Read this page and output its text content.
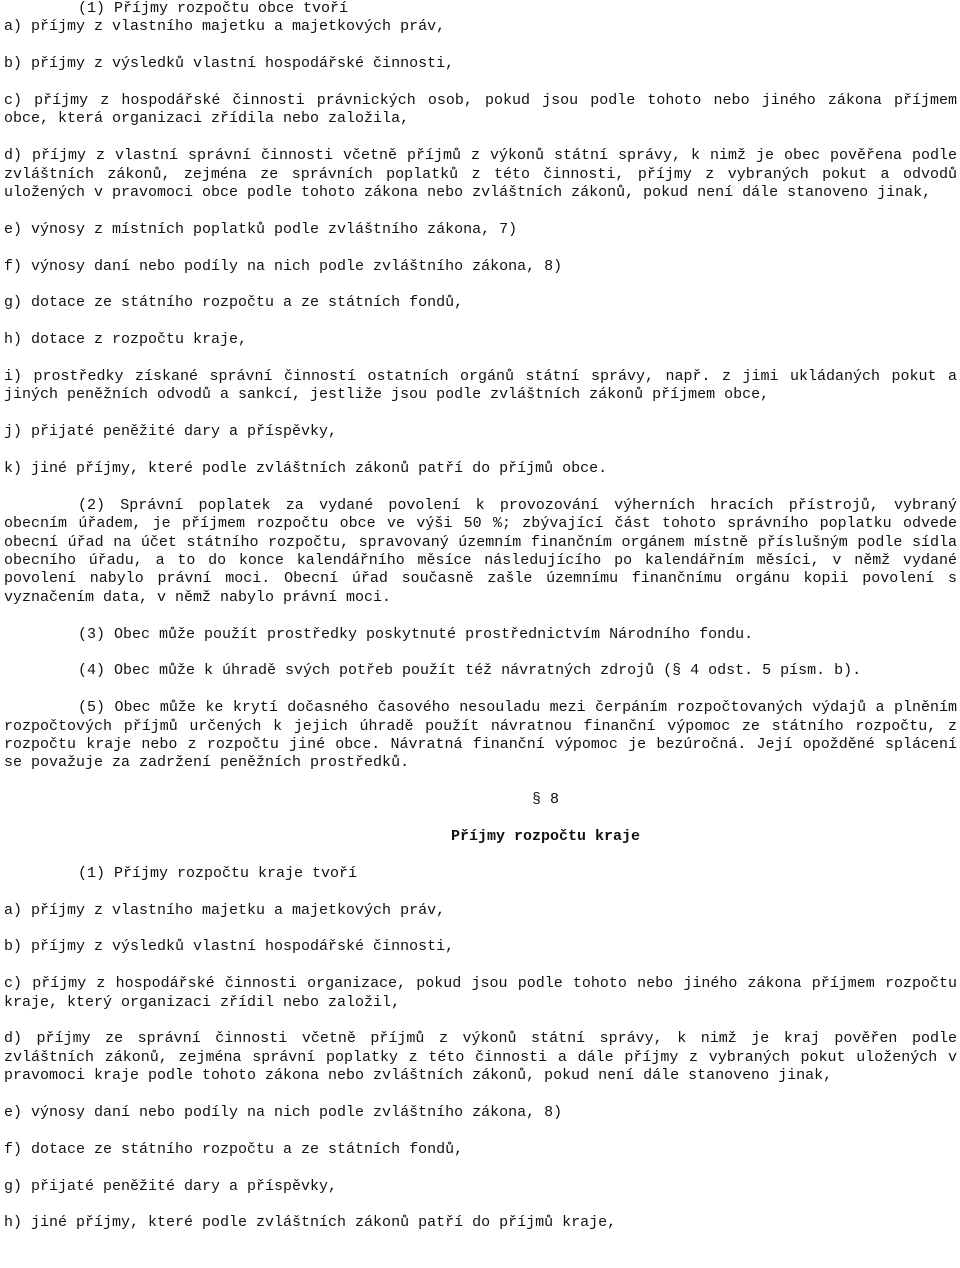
(1) Příjmy rozpočtu obce tvoří

a) příjmy z vlastního majetku a majetkových práv,

b) příjmy z výsledků vlastní hospodářské činnosti,

c) příjmy z hospodářské činnosti právnických osob, pokud jsou podle tohoto nebo jiného zákona příjmem obce, která organizaci zřídila nebo založila,

d) příjmy z vlastní správní činnosti včetně příjmů z výkonů státní správy, k nimž je obec pověřena podle zvláštních zákonů, zejména ze správních poplatků z této činnosti, příjmy z vybraných pokut a odvodů uložených v pravomoci obce podle tohoto zákona nebo zvláštních zákonů, pokud není dále stanoveno jinak,

e) výnosy z místních poplatků podle zvláštního zákona, 7)

f) výnosy daní nebo podíly na nich podle zvláštního zákona, 8)

g) dotace ze státního rozpočtu a ze státních fondů,

h) dotace z rozpočtu kraje,

i) prostředky získané správní činností ostatních orgánů státní správy, např. z jimi ukládaných pokut a jiných peněžních odvodů a sankcí, jestliže jsou podle zvláštních zákonů příjmem obce,

j) přijaté peněžité dary a příspěvky,

k) jiné příjmy, které podle zvláštních zákonů patří do příjmů obce.

(2) Správní poplatek za vydané povolení k provozování výherních hracích přístrojů, vybraný obecním úřadem, je příjmem rozpočtu obce ve výši 50 %; zbývající část tohoto správního poplatku odvede obecní úřad na účet státního rozpočtu, spravovaný územním finančním orgánem místně příslušným podle sídla obecního úřadu, a to do konce kalendářního měsíce následujícího po kalendářním měsíci, v němž vydané povolení nabylo právní moci. Obecní úřad současně zašle územnímu finančnímu orgánu kopii povolení s vyznačením data, v němž nabylo právní moci.

(3) Obec může použít prostředky poskytnuté prostřednictvím Národního fondu.

(4) Obec může k úhradě svých potřeb použít též návratných zdrojů (§ 4 odst. 5 písm. b).

(5) Obec může ke krytí dočasného časového nesouladu mezi čerpáním rozpočtovaných výdajů a plněním rozpočtových příjmů určených k jejich úhradě použít návratnou finanční výpomoc ze státního rozpočtu, z rozpočtu kraje nebo z rozpočtu jiné obce. Návratná finanční výpomoc je bezúročná. Její opožděné splácení se považuje za zadržení peněžních prostředků.

§ 8

Příjmy rozpočtu kraje

(1) Příjmy rozpočtu kraje tvoří

a) příjmy z vlastního majetku a majetkových práv,

b) příjmy z výsledků vlastní hospodářské činnosti,

c) příjmy z hospodářské činnosti organizace, pokud jsou podle tohoto nebo jiného zákona příjmem rozpočtu kraje, který organizaci zřídil nebo založil,

d) příjmy ze správní činnosti včetně příjmů z výkonů státní správy, k nimž je kraj pověřen podle zvláštních zákonů, zejména správní poplatky z této činnosti a dále příjmy z vybraných pokut uložených v pravomoci kraje podle tohoto zákona nebo zvláštních zákonů, pokud není dále stanoveno jinak,

e) výnosy daní nebo podíly na nich podle zvláštního zákona, 8)

f) dotace ze státního rozpočtu a ze státních fondů,

g) přijaté peněžité dary a příspěvky,

h) jiné příjmy, které podle zvláštních zákonů patří do příjmů kraje,
